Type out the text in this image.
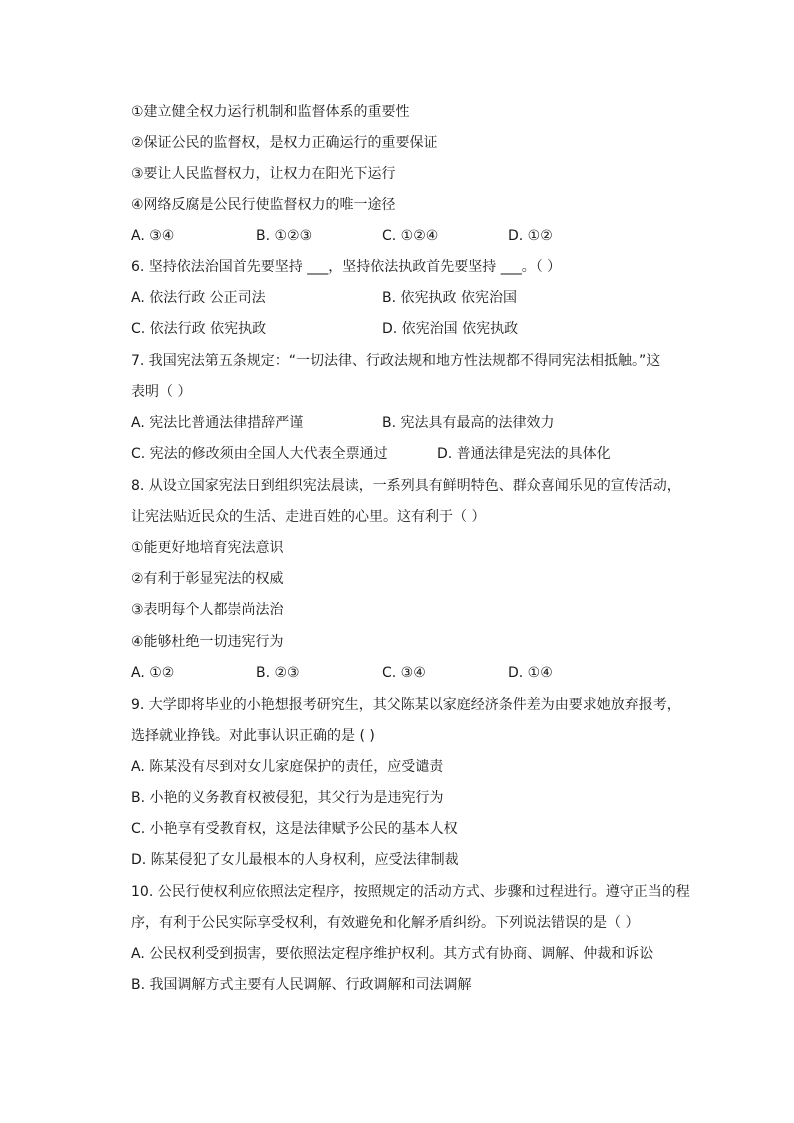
①建立健全权力运行机制和监督体系的重要性
②保证公民的监督权，是权力正确运行的重要保证
③要让人民监督权力，让权力在阳光下运行
④网络反腐是公民行使监督权力的唯一途径
A. ③④	B. ①②③	C. ①②④	D. ①②
6. 坚持依法治国首先要坚持 ___，坚持依法执政首先要坚持 ___。（ ）
A. 依法行政 公正司法	B. 依宪执政 依宪治国
C. 依法行政 依宪执政	D. 依宪治国 依宪执政
7. 我国宪法第五条规定：“一切法律、行政法规和地方性法规都不得同宪法相抵触。”这
表明（ ）
A. 宪法比普通法律措辞严谨	B. 宪法具有最高的法律效力
C. 宪法的修改须由全国人大代表全票通过	D. 普通法律是宪法的具体化
8. 从设立国家宪法日到组织宪法晨读，一系列具有鲜明特色、群众喜闻乐见的宣传活动，
让宪法贴近民众的生活、走进百姓的心里。这有利于（ ）
①能更好地培育宪法意识
②有利于彰显宪法的权威
③表明每个人都崇尚法治
④能够杜绝一切违宪行为
A. ①②	B. ②③	C. ③④	D. ①④
9. 大学即将毕业的小艳想报考研究生，其父陈某以家庭经济条件差为由要求她放弃报考，
选择就业挣钱。对此事认识正确的是 ( )
A. 陈某没有尽到对女儿家庭保护的责任，应受谴责
B. 小艳的义务教育权被侵犯，其父行为是违宪行为
C. 小艳享有受教育权，这是法律赋予公民的基本人权
D. 陈某侵犯了女儿最根本的人身权利，应受法律制裁
10. 公民行使权利应依照法定程序，按照规定的活动方式、步骤和过程进行。遵守正当的程
序，有利于公民实际享受权利，有效避免和化解矛盾纠纷。下列说法错误的是（ ）
A. 公民权利受到损害，要依照法定程序维护权利。其方式有协商、调解、仲裁和诉讼
B. 我国调解方式主要有人民调解、行政调解和司法调解
